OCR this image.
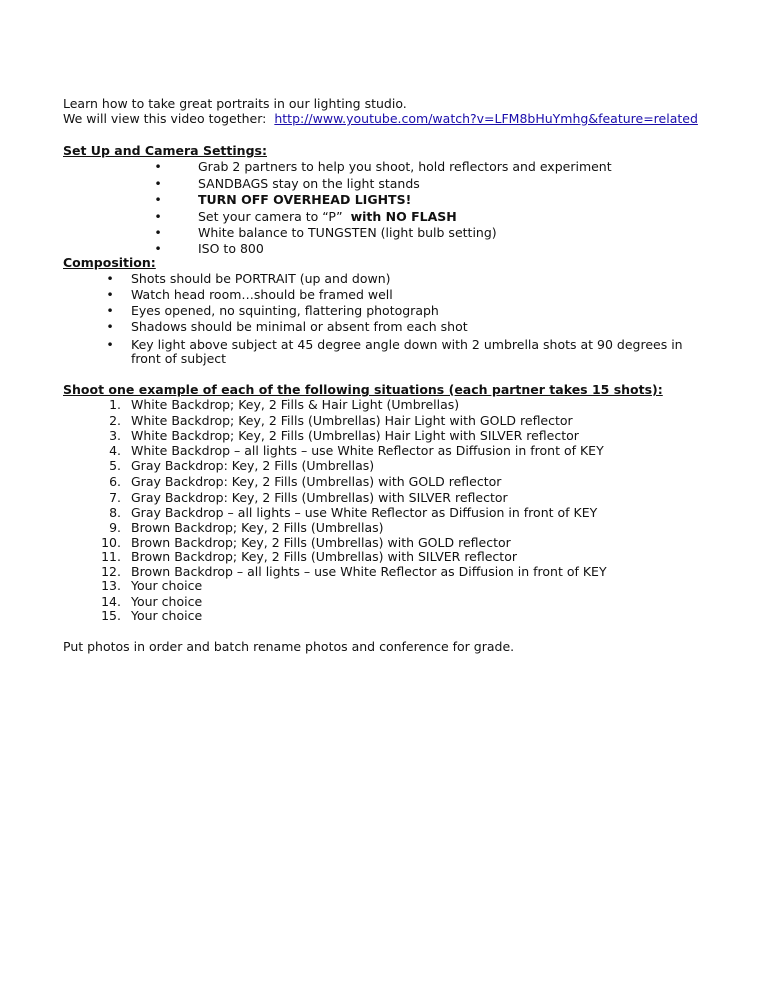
Learn how to take great portraits in our lighting studio.
We will view this video together: http://www.youtube.com/watch?v=LFM8bHuYmhg&feature=related
Set Up and Camera Settings:
•	Grab 2 partners to help you shoot, hold reflectors and experiment
•	SANDBAGS stay on the light stands
•	TURN OFF OVERHEAD LIGHTS!
•	Set your camera to “P” with NO FLASH
•	White balance to TUNGSTEN (light bulb setting)
•	ISO to 800
Composition:
• Shots should be PORTRAIT (up and down)
• Watch head room…should be framed well
• Eyes opened, no squinting, flattering photograph
• Shadows should be minimal or absent from each shot
• Key light above subject at 45 degree angle down with 2 umbrella shots at 90 degrees in
front of subject
Shoot one example of each of the following situations (each partner takes 15 shots):
1. White Backdrop; Key, 2 Fills & Hair Light (Umbrellas)
2. White Backdrop; Key, 2 Fills (Umbrellas) Hair Light with GOLD reflector
3. White Backdrop; Key, 2 Fills (Umbrellas) Hair Light with SILVER reflector
4. White Backdrop – all lights – use White Reflector as Diffusion in front of KEY
5. Gray Backdrop: Key, 2 Fills (Umbrellas)
6. Gray Backdrop: Key, 2 Fills (Umbrellas) with GOLD reflector
7. Gray Backdrop: Key, 2 Fills (Umbrellas) with SILVER reflector
8. Gray Backdrop – all lights – use White Reflector as Diffusion in front of KEY
9. Brown Backdrop; Key, 2 Fills (Umbrellas)
10. Brown Backdrop; Key, 2 Fills (Umbrellas) with GOLD reflector
11. Brown Backdrop; Key, 2 Fills (Umbrellas) with SILVER reflector
12. Brown Backdrop – all lights – use White Reflector as Diffusion in front of KEY
13. Your choice
14. Your choice
15. Your choice
Put photos in order and batch rename photos and conference for grade.
